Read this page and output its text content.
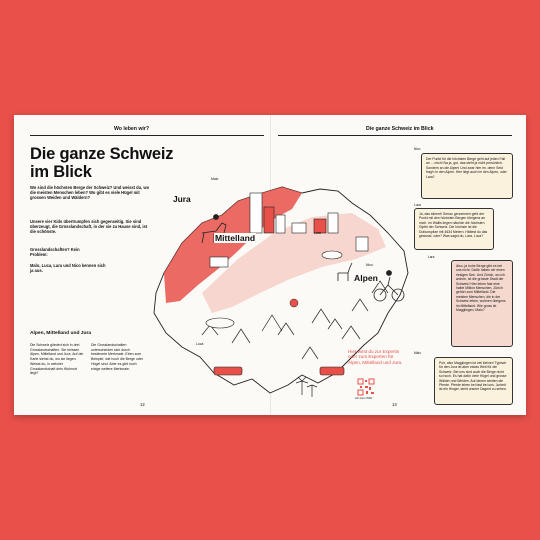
Wo leben wir?	Die ganze Schweiz im Blick
Die ganze Schweiz
im Blick
Wo sind die höchsten Berge der Schweiz? Und weisst du, wo die meisten Menschen leben? Wo gibt es viele Hügel mit grossen Weiden und Wäldern?
Unsere vier Kids übertrumpfen sich gegenseitig. Sie sind überzeugt, die Grosslandschaft, in der sie zu Hause sind, ist die schönste.
Grosslandschaften? Kein Problem:
Malo, Luca, Lara und Nico kennen sich ja aus.
Alpen, Mittelland und Jura
Die Schweiz gliedert sich in drei Grosslandschaften. Sie heissen Alpen, Mittelland und Jura. Auf der Karte siehst du, wo sie liegen. Weisst du, in welcher Grosslandschaft dein Wohnort liegt?
Die Grosslandschaften unterscheiden sich durch bestimmte Merkmale. Eben zum Beispiel, wie hoch die Berge oder Hügel sind. Aber es gibt noch einige weitere Merkmale.
12	13
Jura
Mittelland
Alpen
Malo
Luca
Nico
Lara
Nico
Der Punkt für die höchsten Berge geht auf jeden Fall an ... mich! Na ja, gut, das steht ja nicht persönlich. Sondern an die Alpen! Und zwar hier im, denn Seid frag'n in den Alpen. Hier liegt auch im den Alpen, oder Lara?
Luca
Ja, das stimmt! Genau genommen geht der Punkt mit den höchsten Bergen übrigens an mich. Im Wallis liegen nämlich die höchsten Gipfel der Schweiz. Die höchste ist die Dufourspitze mit 4634 Metern. Hättest du das gewusst, oder? Was sagst du, Lara, Luca?
Lara
Also, ja hohe Berge gibt es bei uns nicht. Dafür haben wir einen riesigen See. Und Zürich, wo ich wohne, ist die grösste Stadt der Schweiz! Hier leben fast eine halbe Million Menschen. Zürich gehört zum Mittelland. Die meisten Menschen, die in der Schweiz leben, wohnen übrigens im Mittelland. Wie gross ist Magglingen, Malo?
Malo
Puh, also Magglingen ist viel kleiner! Typisch für den Jura ist aber etwas Weit für die Schweiz. Bei uns sind auch die Berge nicht so hoch. Es hat dafür viele Hügel und grosse Wälder und Weiden. Auf denen weiden die Pferde. Pferde leben bei fast bei uns. Jurkeit ist ein Hinger, steht unsere Dagent zu sehen.
Hier wirst du zur Expertin oder zum Experten für Alpen, Mittelland und Jura.
sch.ours.zh/83
